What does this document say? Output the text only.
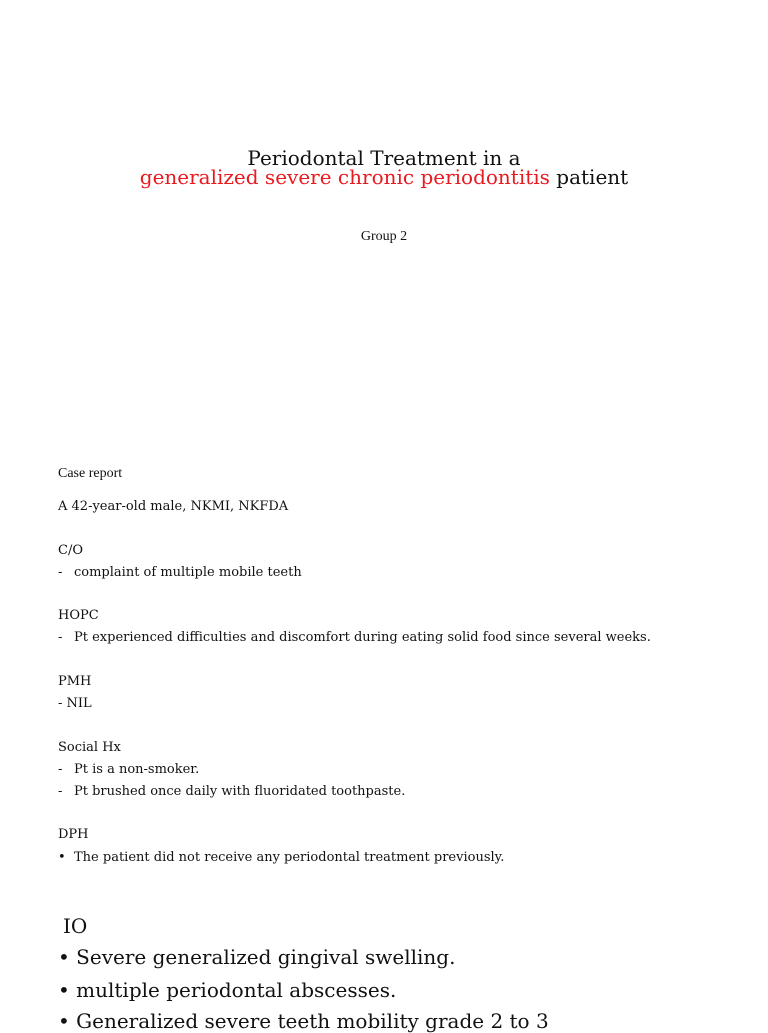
Periodontal Treatment in a
generalized severe chronic periodontitis patient
Group 2
Case report
A 42-year-old male, NKMI, NKFDA
C/O
- complaint of multiple mobile teeth
HOPC
- Pt experienced difficulties and discomfort during eating solid food since several weeks.
PMH
- NIL
Social Hx
- Pt is a non-smoker.
- Pt brushed once daily with fluoridated toothpaste.
DPH
• The patient did not receive any periodontal treatment previously.
IO
• Severe generalized gingival swelling.
• multiple periodontal abscesses.
• Generalized severe teeth mobility grade 2 to 3
